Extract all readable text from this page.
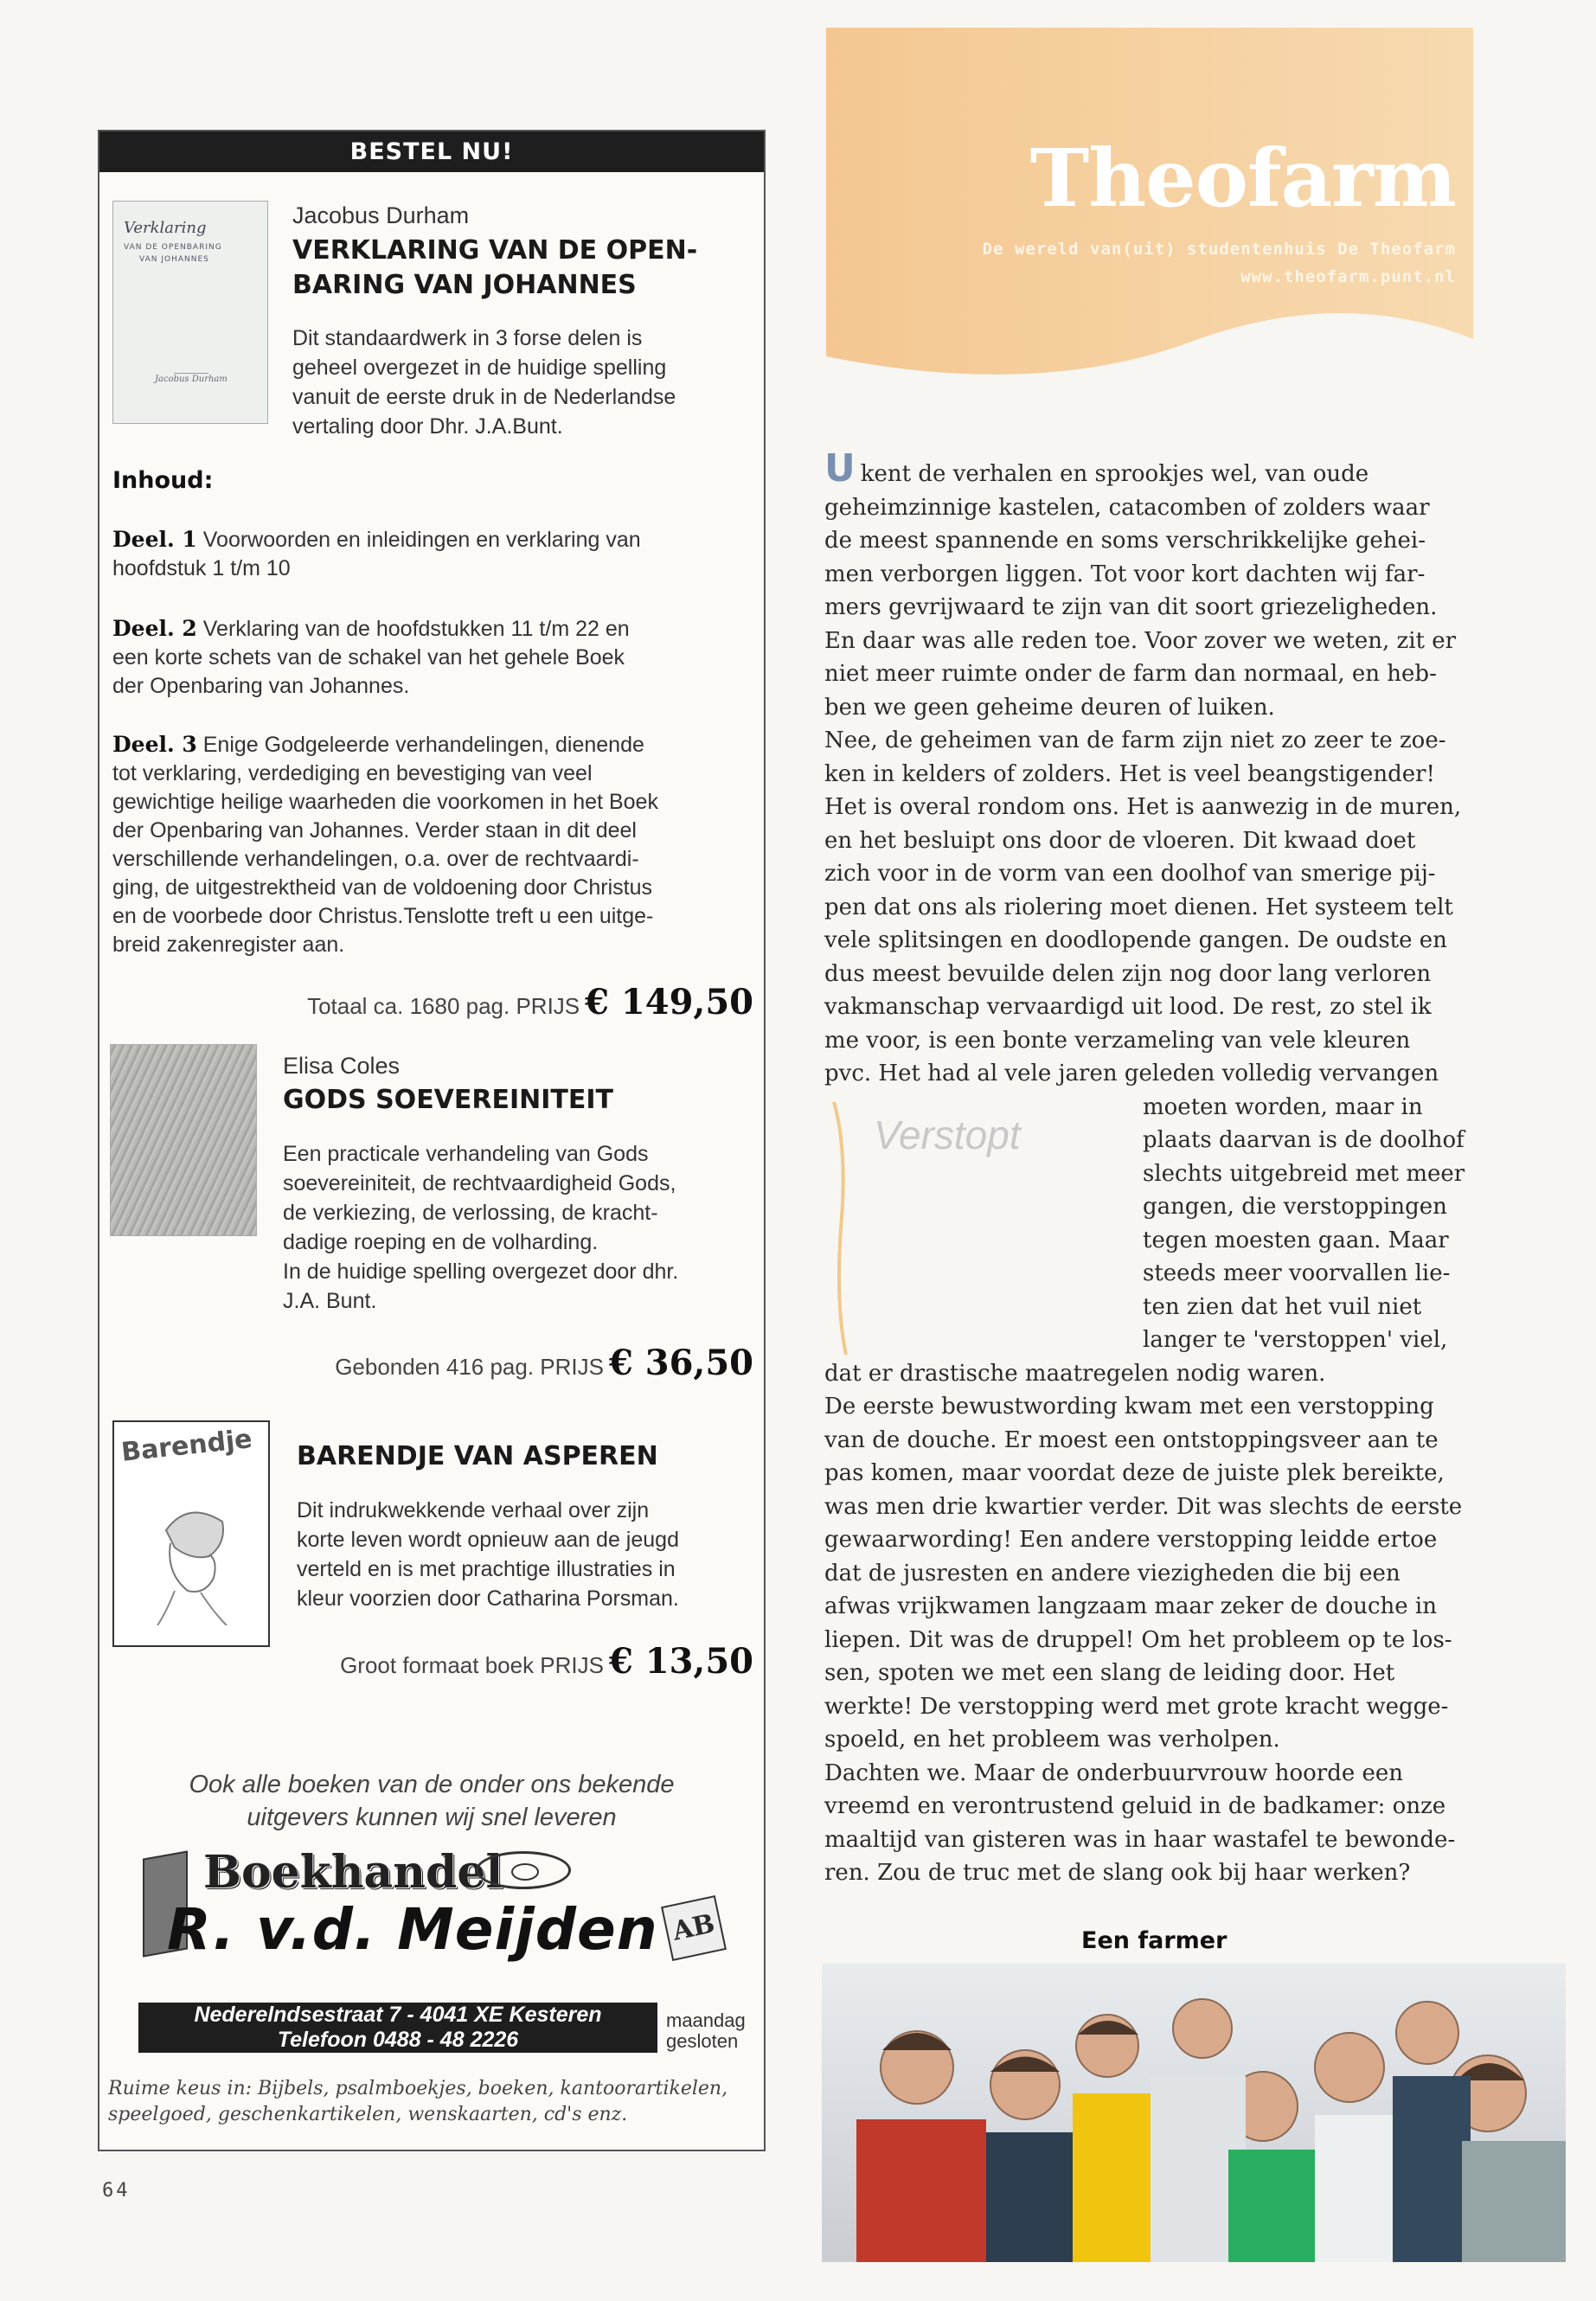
BESTEL NU!
Verklaring
VAN DE OPENBARING
VAN JOHANNES
Jacobus Durham
Jacobus Durham
VERKLARING VAN DE OPEN-
BARING VAN JOHANNES
Dit standaardwerk in 3 forse delen is
geheel overgezet in de huidige spelling
vanuit de eerste druk in de Nederlandse
vertaling door Dhr. J.A.Bunt.
Inhoud:
Deel. 1 Voorwoorden en inleidingen en verklaring van
hoofdstuk 1 t/m 10
Deel. 2 Verklaring van de hoofdstukken 11 t/m 22 en
een korte schets van de schakel van het gehele Boek
der Openbaring van Johannes.
Deel. 3 Enige Godgeleerde verhandelingen, dienende
tot verklaring, verdediging en bevestiging van veel
gewichtige heilige waarheden die voorkomen in het Boek
der Openbaring van Johannes. Verder staan in dit deel
verschillende verhandelingen, o.a. over de rechtvaardi-
ging, de uitgestrektheid van de voldoening door Christus
en de voorbede door Christus.Tenslotte treft u een uitge-
breid zakenregister aan.
Totaal ca. 1680 pag. PRIJS € 149,50
Elisa Coles
GODS SOEVEREINITEIT
Een practicale verhandeling van Gods
soevereiniteit, de rechtvaardigheid Gods,
de verkiezing, de verlossing, de kracht-
dadige roeping en de volharding.
In de huidige spelling overgezet door dhr.
J.A. Bunt.
Gebonden 416 pag. PRIJS € 36,50
Barendje BARENDJE VAN ASPEREN
Dit indrukwekkende verhaal over zijn
korte leven wordt opnieuw aan de jeugd
verteld en is met prachtige illustraties in
kleur voorzien door Catharina Porsman.
Groot formaat boek PRIJS € 13,50
Ook alle boeken van de onder ons bekende
uitgevers kunnen wij snel leveren
Boekhandel
R. v.d. Meijden AB
Nederelndsestraat 7 - 4041 XE Kesteren
Telefoon 0488 - 48 2226
maandag
gesloten
Ruime keus in: Bijbels, psalmboekjes, boeken, kantoorartikelen,
speelgoed, geschenkartikelen, wenskaarten, cd's enz.
64
Theofarm
De wereld van(uit) studentenhuis De Theofarm
www.theofarm.punt.nl

Ukent de verhalen en sprookjes wel, van oude

geheimzinnige kastelen, catacomben of zolders waar
de meest spannende en soms verschrikkelijke gehei-
men verborgen liggen. Tot voor kort dachten wij far-
mers gevrijwaard te zijn van dit soort griezeligheden.
En daar was alle reden toe. Voor zover we weten, zit er
niet meer ruimte onder de farm dan normaal, en heb-
ben we geen geheime deuren of luiken.
Nee, de geheimen van de farm zijn niet zo zeer te zoe-
ken in kelders of zolders. Het is veel beangstigender!
Het is overal rondom ons. Het is aanwezig in de muren,
en het besluipt ons door de vloeren. Dit kwaad doet
zich voor in de vorm van een doolhof van smerige pij-
pen dat ons als riolering moet dienen. Het systeem telt
vele splitsingen en doodlopende gangen. De oudste en
dus meest bevuilde delen zijn nog door lang verloren
vakmanschap vervaardigd uit lood. De rest, zo stel ik
me voor, is een bonte verzameling van vele kleuren
pvc. Het had al vele jaren geleden volledig vervangen
moeten worden, maar in
plaats daarvan is de doolhof
slechts uitgebreid met meer
gangen, die verstoppingen
tegen moesten gaan. Maar
steeds meer voorvallen lie-
ten zien dat het vuil niet
langer te 'verstoppen' viel,
dat er drastische maatregelen nodig waren.
De eerste bewustwording kwam met een verstopping
van de douche. Er moest een ontstoppingsveer aan te
pas komen, maar voordat deze de juiste plek bereikte,
was men drie kwartier verder. Dit was slechts de eerste
gewaarwording! Een andere verstopping leidde ertoe
dat de jusresten en andere viezigheden die bij een
afwas vrijkwamen langzaam maar zeker de douche in
liepen. Dit was de druppel! Om het probleem op te los-
sen, spoten we met een slang de leiding door. Het
werkte! De verstopping werd met grote kracht wegge-
spoeld, en het probleem was verholpen.
Dachten we. Maar de onderbuurvrouw hoorde een
vreemd en verontrustend geluid in de badkamer: onze
maaltijd van gisteren was in haar wastafel te bewonde-
ren. Zou de truc met de slang ook bij haar werken?
Verstopt
Een farmer
